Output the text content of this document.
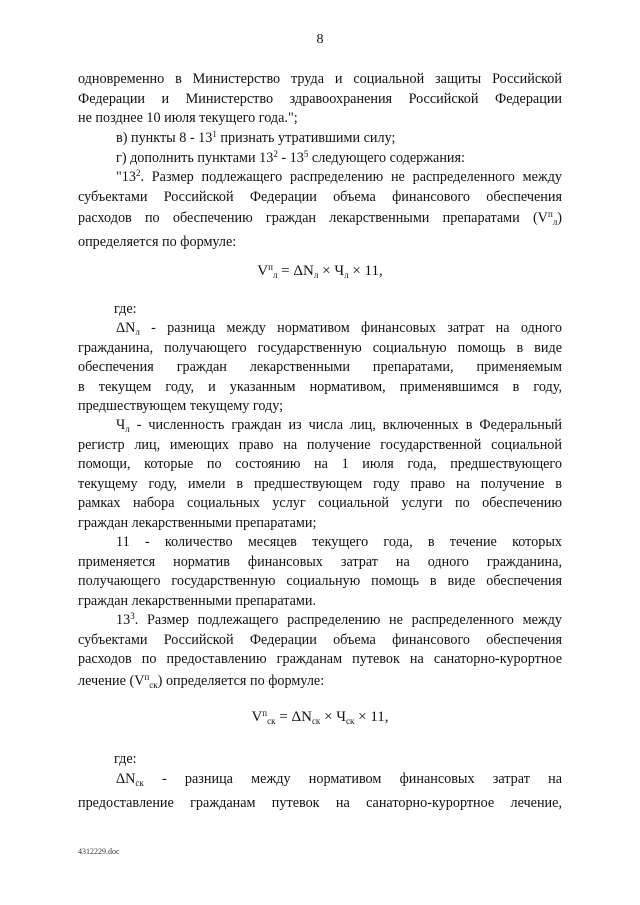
8
одновременно в Министерство труда и социальной защиты Российской
Федерации и Министерство здравоохранения Российской Федерации
не позднее 10 июля текущего года.";
в) пункты $8 - 13^1$ признать утратившими силу;
г) дополнить пунктами $13^2 - 13^5$ следующего содержания:
"$13^2$. Размер подлежащего распределению не распределенного между
субъектами Российской Федерации объема финансового обеспечения
расходов по обеспечению граждан лекарственными препаратами $(V^п_л)$
определяется по формуле:
$V^п_л = \Delta N_л \times Ч_л \times 11$,
где:
$\Delta N_л$ - разница между нормативом финансовых затрат на одного
гражданина, получающего государственную социальную помощь в виде
обеспечения граждан лекарственными препаратами, применяемым
в текущем году, и указанным нормативом, применявшимся в году,
предшествующем текущему году;
$Ч_л$ - численность граждан из числа лиц, включенных в Федеральный
регистр лиц, имеющих право на получение государственной социальной
помощи, которые по состоянию на 1 июля года, предшествующего
текущему году, имели в предшествующем году право на получение в
рамках набора социальных услуг социальной услуги по обеспечению
граждан лекарственными препаратами;
11 - количество месяцев текущего года, в течение которых
применяется норматив финансовых затрат на одного гражданина,
получающего государственную социальную помощь в виде обеспечения
граждан лекарственными препаратами.
$13^3$. Размер подлежащего распределению не распределенного между
субъектами Российской Федерации объема финансового обеспечения
расходов по предоставлению гражданам путевок на санаторно-курортное
лечение $(V^п_{ск})$ определяется по формуле:
$V^п_{ск} = \Delta N_{ск} \times Ч_{ск} \times 11$,
где:
$\Delta N_{ск}$ - разница между нормативом финансовых затрат на
предоставление гражданам путевок на санаторно-курортное лечение,
4312229.doc
